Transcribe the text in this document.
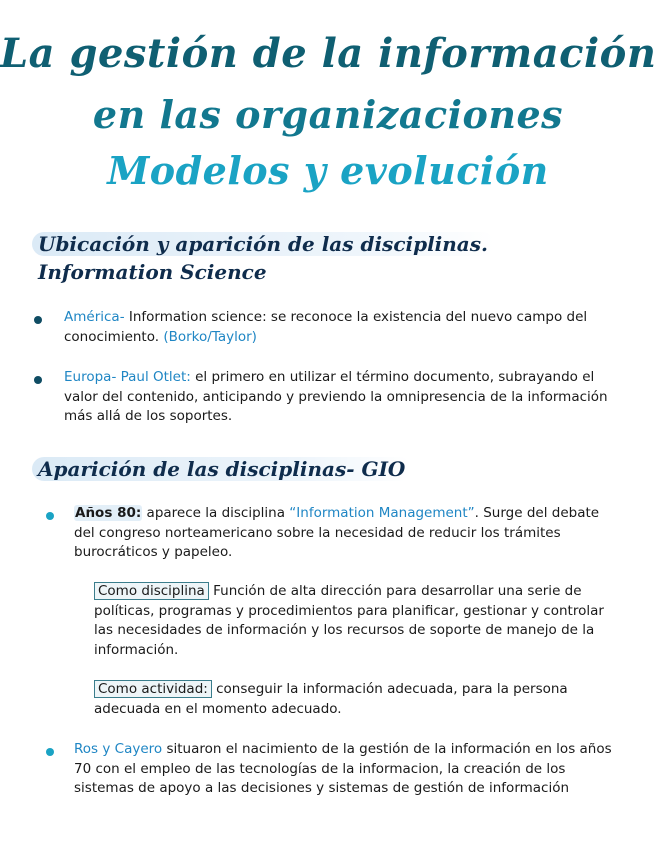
La gestión de la información
en las organizaciones
Modelos y evolución
Ubicación y aparición de las disciplinas.
Information Science

América- Information science: se reconoce la existencia del nuevo campo del conocimiento. (Borko/Taylor)

Europa- Paul Otlet: el primero en utilizar el término documento, subrayando el valor del contenido, anticipando y previendo la omnipresencia de la información más allá de los soportes.

Aparición de las disciplinas- GIO

Años 80: aparece la disciplina “Information Management”. Surge del debate del congreso norteamericano sobre la necesidad de reducir los trámites burocráticos y papeleo.

Como disciplina Función de alta dirección para desarrollar una serie de políticas, programas y procedimientos para planificar, gestionar y controlar las necesidades de información y los recursos de soporte de manejo de la información.

Como actividad: conseguir la información adecuada, para la persona adecuada en el momento adecuado.

Ros y Cayero situaron el nacimiento de la gestión de la información en los años 70 con el empleo de las tecnologías de la informacion, la creación de los sistemas de apoyo a las decisiones y sistemas de gestión de información
